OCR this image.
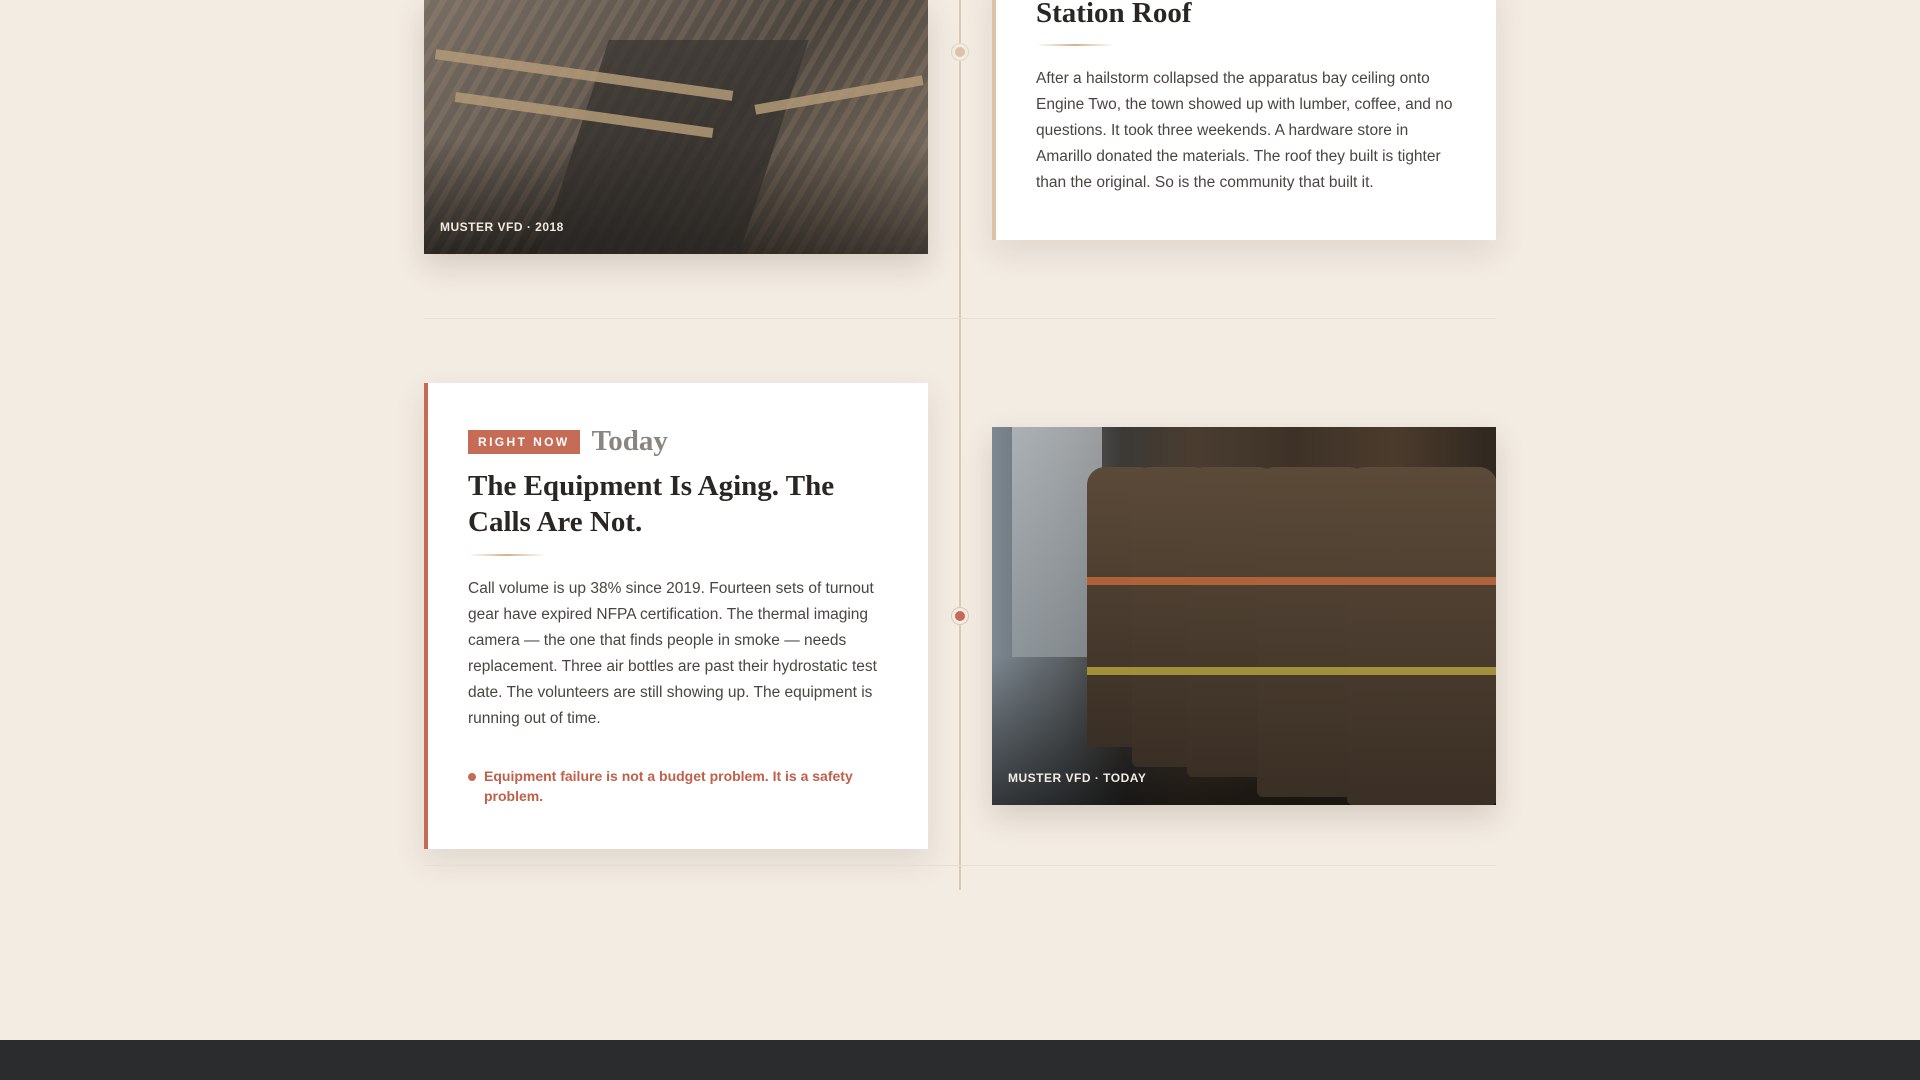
MUSTER VFD · 2018
Station Roof

After a hailstorm collapsed the apparatus bay ceiling onto Engine Two, the town showed up with lumber, coffee, and no questions. It took three weekends. A hardware store in Amarillo donated the materials. The roof they built is tighter than the original. So is the community that built it.

RIGHT NOW Today
The Equipment Is Aging. The Calls Are Not.

Call volume is up 38% since 2019. Fourteen sets of turnout gear have expired NFPA certification. The thermal imaging camera — the one that finds people in smoke — needs replacement. Three air bottles are past their hydrostatic test date. The volunteers are still showing up. The equipment is running out of time.

Equipment failure is not a budget problem. It is a safety problem.
MUSTER VFD · TODAY
